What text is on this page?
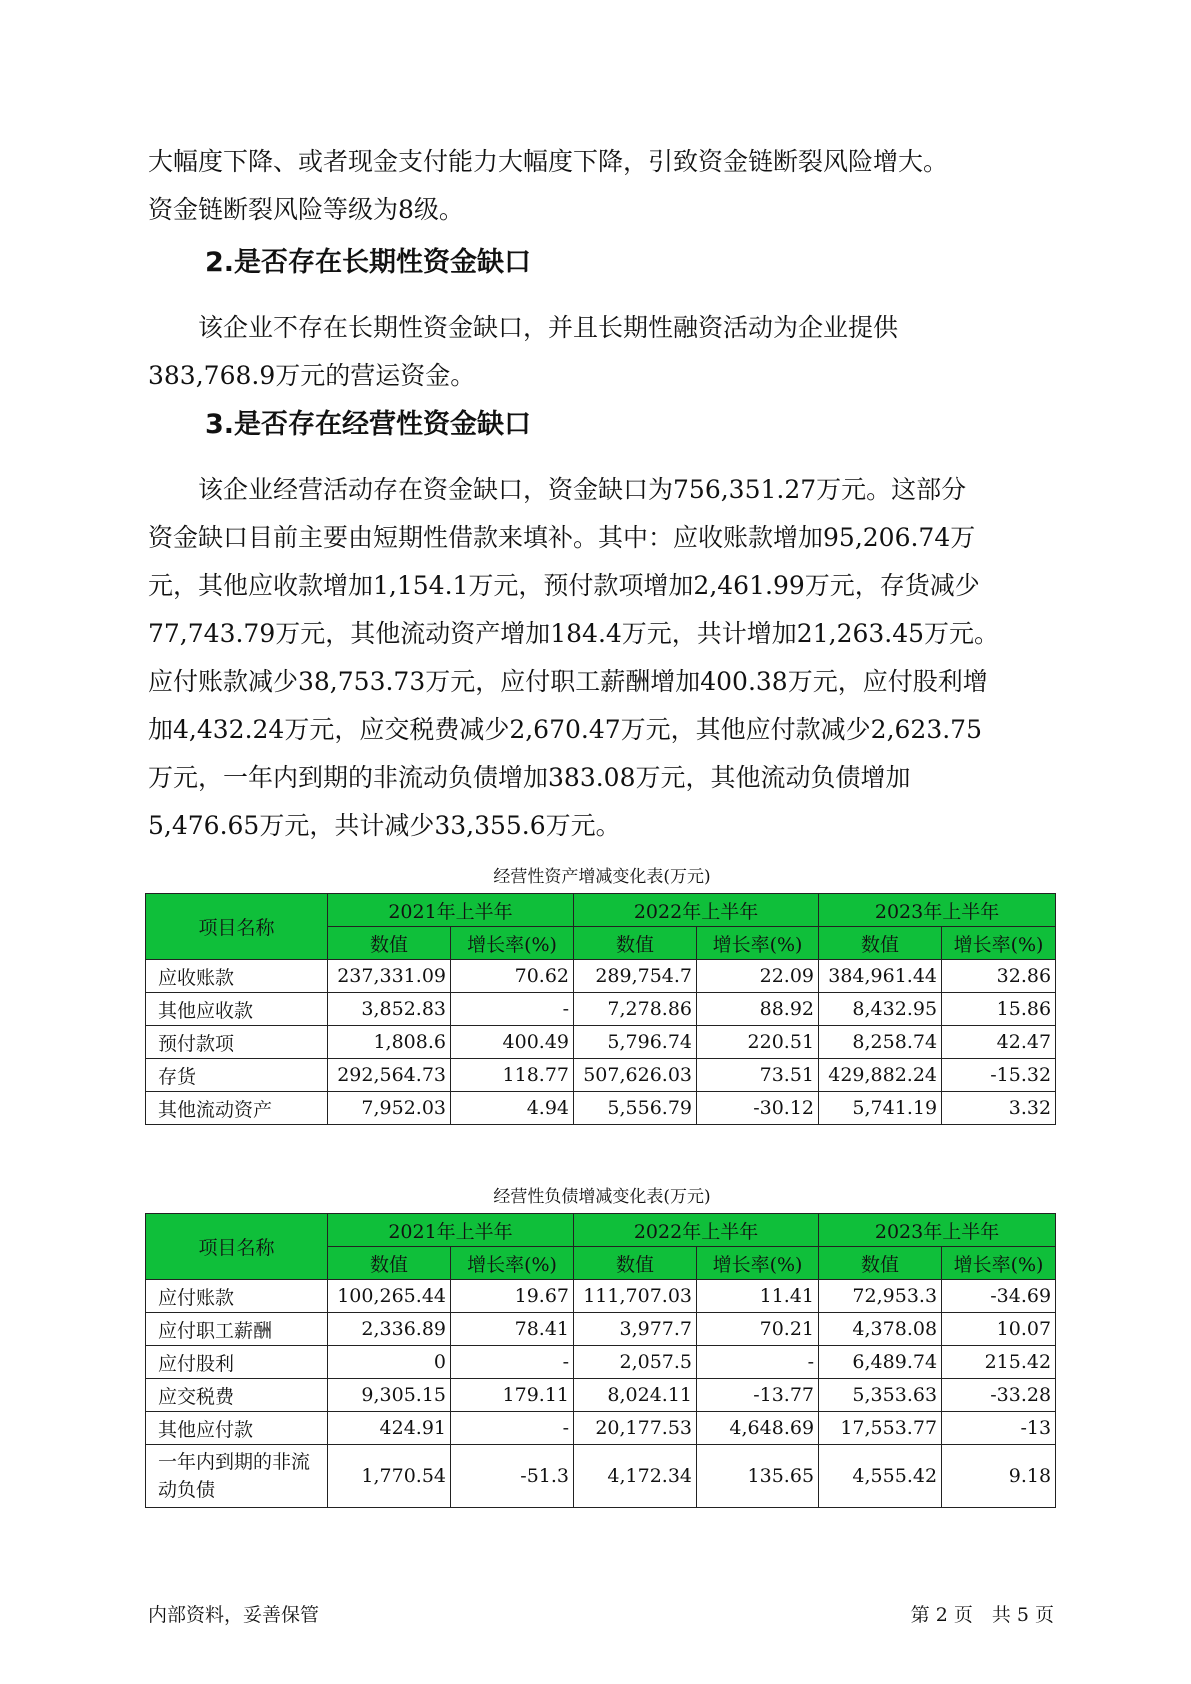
大幅度下降、或者现金支付能力大幅度下降，引致资金链断裂风险增大。
资金链断裂风险等级为8级。
2.是否存在长期性资金缺口
　　该企业不存在长期性资金缺口，并且长期性融资活动为企业提供
383,768.9万元的营运资金。
3.是否存在经营性资金缺口
　　该企业经营活动存在资金缺口，资金缺口为756,351.27万元。这部分
资金缺口目前主要由短期性借款来填补。其中：应收账款增加95,206.74万
元，其他应收款增加1,154.1万元，预付款项增加2,461.99万元，存货减少
77,743.79万元，其他流动资产增加184.4万元，共计增加21,263.45万元。
应付账款减少38,753.73万元，应付职工薪酬增加400.38万元，应付股利增
加4,432.24万元，应交税费减少2,670.47万元，其他应付款减少2,623.75
万元，一年内到期的非流动负债增加383.08万元，其他流动负债增加
5,476.65万元，共计减少33,355.6万元。

经营性资产增减变化表(万元)

项目名称	2021年上半年		2022年上半年		2023年上半年	
	数值	增长率(%)	数值	增长率(%)	数值	增长率(%)
应收账款	237,331.09	70.62	289,754.7	22.09	384,961.44	32.86
其他应收款	3,852.83	-	7,278.86	88.92	8,432.95	15.86
预付款项	1,808.6	400.49	5,796.74	220.51	8,258.74	42.47
存货	292,564.73	118.77	507,626.03	73.51	429,882.24	-15.32
其他流动资产	7,952.03	4.94	5,556.79	-30.12	5,741.19	3.32

经营性负债增减变化表(万元)

项目名称	2021年上半年		2022年上半年		2023年上半年	
	数值	增长率(%)	数值	增长率(%)	数值	增长率(%)
应付账款	100,265.44	19.67	111,707.03	11.41	72,953.3	-34.69
应付职工薪酬	2,336.89	78.41	3,977.7	70.21	4,378.08	10.07
应付股利	0	-	2,057.5	-	6,489.74	215.42
应交税费	9,305.15	179.11	8,024.11	-13.77	5,353.63	-33.28
其他应付款	424.91	-	20,177.53	4,648.69	17,553.77	-13

一年内到期的非流
动负债	1,770.54	-51.3	4,172.34	135.65	4,555.42	9.18

内部资料，妥善保管	第 2 页　共 5 页
